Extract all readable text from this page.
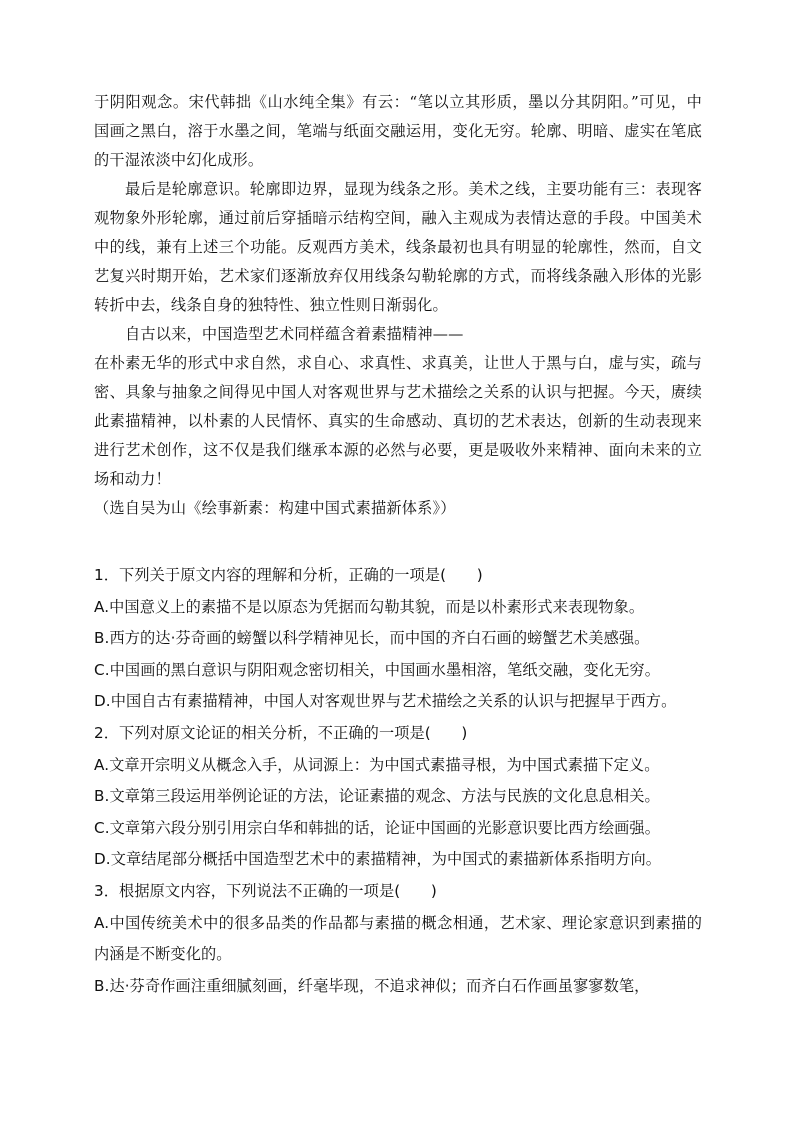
于阴阳观念。宋代韩拙《山水纯全集》有云：“笔以立其形质，墨以分其阴阳。”可见，中国画之黑白，溶于水墨之间，笔端与纸面交融运用，变化无穷。轮廓、明暗、虚实在笔底的干湿浓淡中幻化成形。

最后是轮廓意识。轮廓即边界，显现为线条之形。美术之线，主要功能有三：表现客观物象外形轮廓，通过前后穿插暗示结构空间，融入主观成为表情达意的手段。中国美术中的线，兼有上述三个功能。反观西方美术，线条最初也具有明显的轮廓性，然而，自文艺复兴时期开始，艺术家们逐渐放弃仅用线条勾勒轮廓的方式，而将线条融入形体的光影转折中去，线条自身的独特性、独立性则日渐弱化。

自古以来，中国造型艺术同样蕴含着素描精神——

在朴素无华的形式中求自然，求自心、求真性、求真美，让世人于黑与白，虚与实，疏与密、具象与抽象之间得见中国人对客观世界与艺术描绘之关系的认识与把握。今天，赓续此素描精神，以朴素的人民情怀、真实的生命感动、真切的艺术表达，创新的生动表现来进行艺术创作，这不仅是我们继承本源的必然与必要，更是吸收外来精神、面向未来的立场和动力！

（选自吴为山《绘事新素：构建中国式素描新体系》）

1．下列关于原文内容的理解和分析，正确的一项是(　　)

A.中国意义上的素描不是以原态为凭据而勾勒其貌，而是以朴素形式来表现物象。

B.西方的达·芬奇画的螃蟹以科学精神见长，而中国的齐白石画的螃蟹艺术美感强。

C.中国画的黑白意识与阴阳观念密切相关，中国画水墨相溶，笔纸交融，变化无穷。

D.中国自古有素描精神，中国人对客观世界与艺术描绘之关系的认识与把握早于西方。

2．下列对原文论证的相关分析，不正确的一项是(　　)

A.文章开宗明义从概念入手，从词源上：为中国式素描寻根，为中国式素描下定义。

B.文章第三段运用举例论证的方法，论证素描的观念、方法与民族的文化息息相关。

C.文章第六段分别引用宗白华和韩拙的话，论证中国画的光影意识要比西方绘画强。

D.文章结尾部分概括中国造型艺术中的素描精神，为中国式的素描新体系指明方向。

3．根据原文内容，下列说法不正确的一项是(　　)

A.中国传统美术中的很多品类的作品都与素描的概念相通，艺术家、理论家意识到素描的内涵是不断变化的。

B.达·芬奇作画注重细腻刻画，纤毫毕现，不追求神似；而齐白石作画虽寥寥数笔，
